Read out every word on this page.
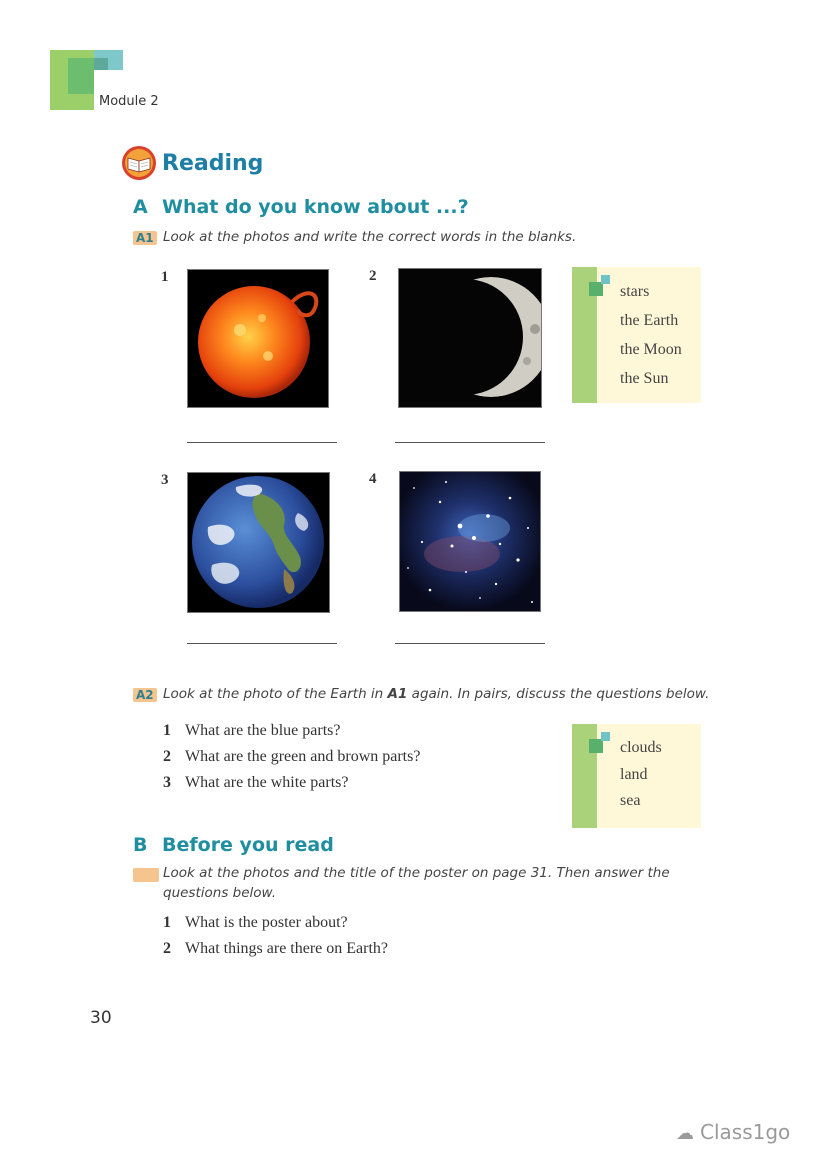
Module 2
Reading
A What do you know about ...?
A1 Look at the photos and write the correct words in the blanks.
1	2
stars
the Earth
the Moon
the Sun
3	4
A2 Look at the photo of the Earth in A1 again. In pairs, discuss the questions below.
1 What are the blue parts?
2 What are the green and brown parts?
3 What are the white parts?
clouds
land
sea
B Before you read
Look at the photos and the title of the poster on page 31. Then answer the
questions below.
1 What is the poster about?
2 What things are there on Earth?
30
☁ Class1go
